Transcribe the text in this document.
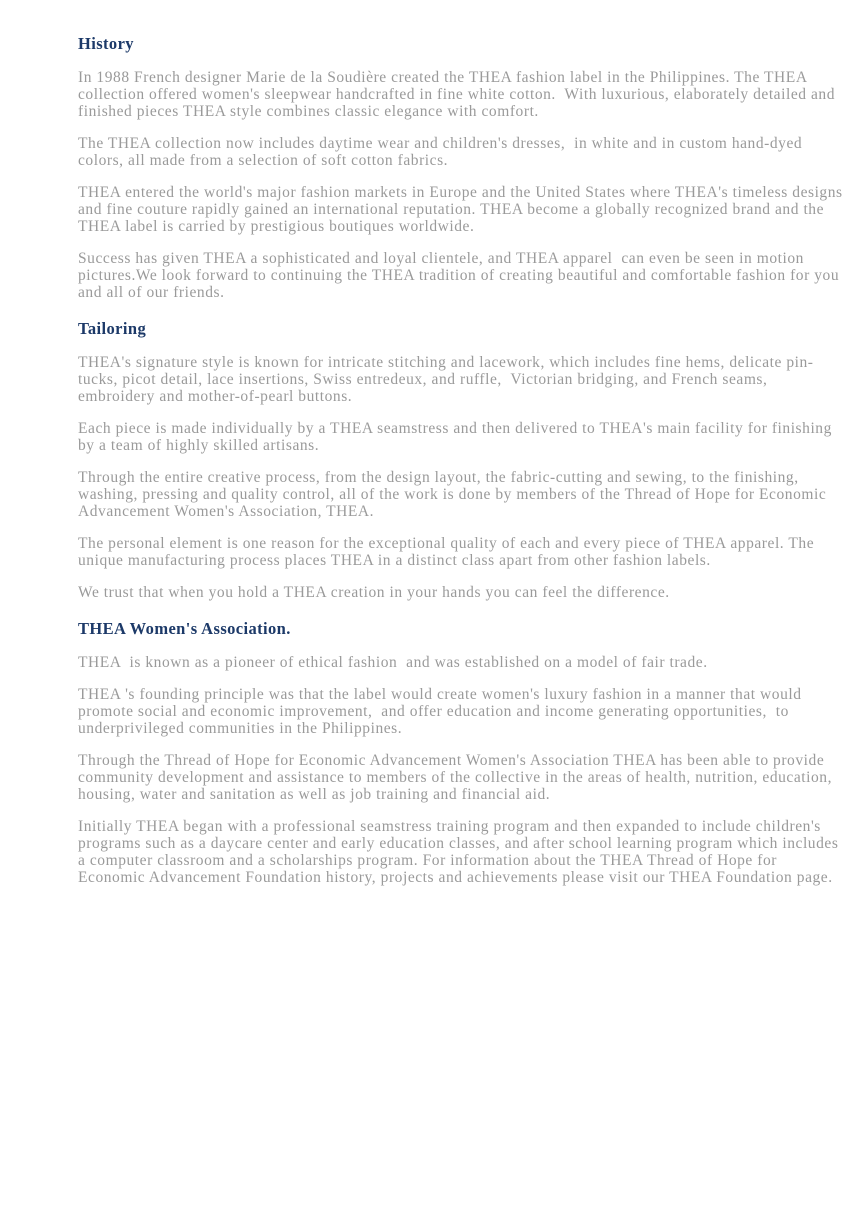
History

In 1988 French designer Marie de la Soudière created the THEA fashion label in the Philippines. The THEA collection offered women's sleepwear handcrafted in fine white cotton.  With luxurious, elaborately detailed and finished pieces THEA style combines classic elegance with comfort.

The THEA collection now includes daytime wear and children's dresses,  in white and in custom hand-dyed colors, all made from a selection of soft cotton fabrics.

THEA entered the world's major fashion markets in Europe and the United States where THEA's timeless designs and fine couture rapidly gained an international reputation. THEA become a globally recognized brand and the THEA label is carried by prestigious boutiques worldwide.

Success has given THEA a sophisticated and loyal clientele, and THEA apparel  can even be seen in motion pictures.We look forward to continuing the THEA tradition of creating beautiful and comfortable fashion for you and all of our friends.

Tailoring

THEA's signature style is known for intricate stitching and lacework, which includes fine hems, delicate pin-tucks, picot detail, lace insertions, Swiss entredeux, and ruffle,  Victorian bridging, and French seams,  embroidery and mother-of-pearl buttons.

Each piece is made individually by a THEA seamstress and then delivered to THEA's main facility for finishing by a team of highly skilled artisans.

Through the entire creative process, from the design layout, the fabric-cutting and sewing, to the finishing, washing, pressing and quality control, all of the work is done by members of the Thread of Hope for Economic Advancement Women's Association, THEA.

The personal element is one reason for the exceptional quality of each and every piece of THEA apparel. The unique manufacturing process places THEA in a distinct class apart from other fashion labels.

We trust that when you hold a THEA creation in your hands you can feel the difference.

THEA Women's Association.

THEA  is known as a pioneer of ethical fashion  and was established on a model of fair trade.

THEA 's founding principle was that the label would create women's luxury fashion in a manner that would promote social and economic improvement,  and offer education and income generating opportunities,  to underprivileged communities in the Philippines.

Through the Thread of Hope for Economic Advancement Women's Association THEA has been able to provide community development and assistance to members of the collective in the areas of health, nutrition, education, housing, water and sanitation as well as job training and financial aid.

Initially THEA began with a professional seamstress training program and then expanded to include children's programs such as a daycare center and early education classes, and after school learning program which includes a computer classroom and a scholarships program. For information about the THEA Thread of Hope for Economic Advancement Foundation history, projects and achievements please visit our THEA Foundation page.
